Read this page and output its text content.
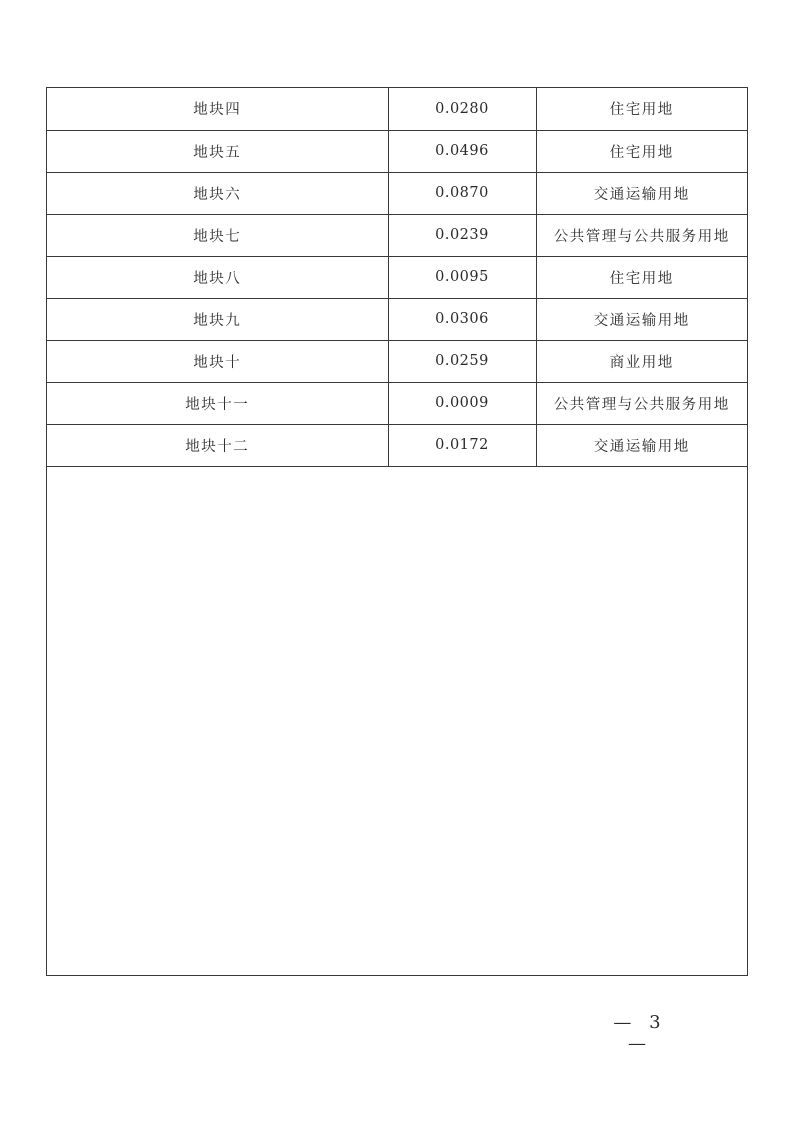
地块四	0.0280	住宅用地
地块五	0.0496	住宅用地
地块六	0.0870	交通运输用地
地块七	0.0239	公共管理与公共服务用地
地块八	0.0095	住宅用地
地块九	0.0306	交通运输用地
地块十	0.0259	商业用地
地块十一	0.0009	公共管理与公共服务用地
地块十二	0.0172	交通运输用地
— 3 —
